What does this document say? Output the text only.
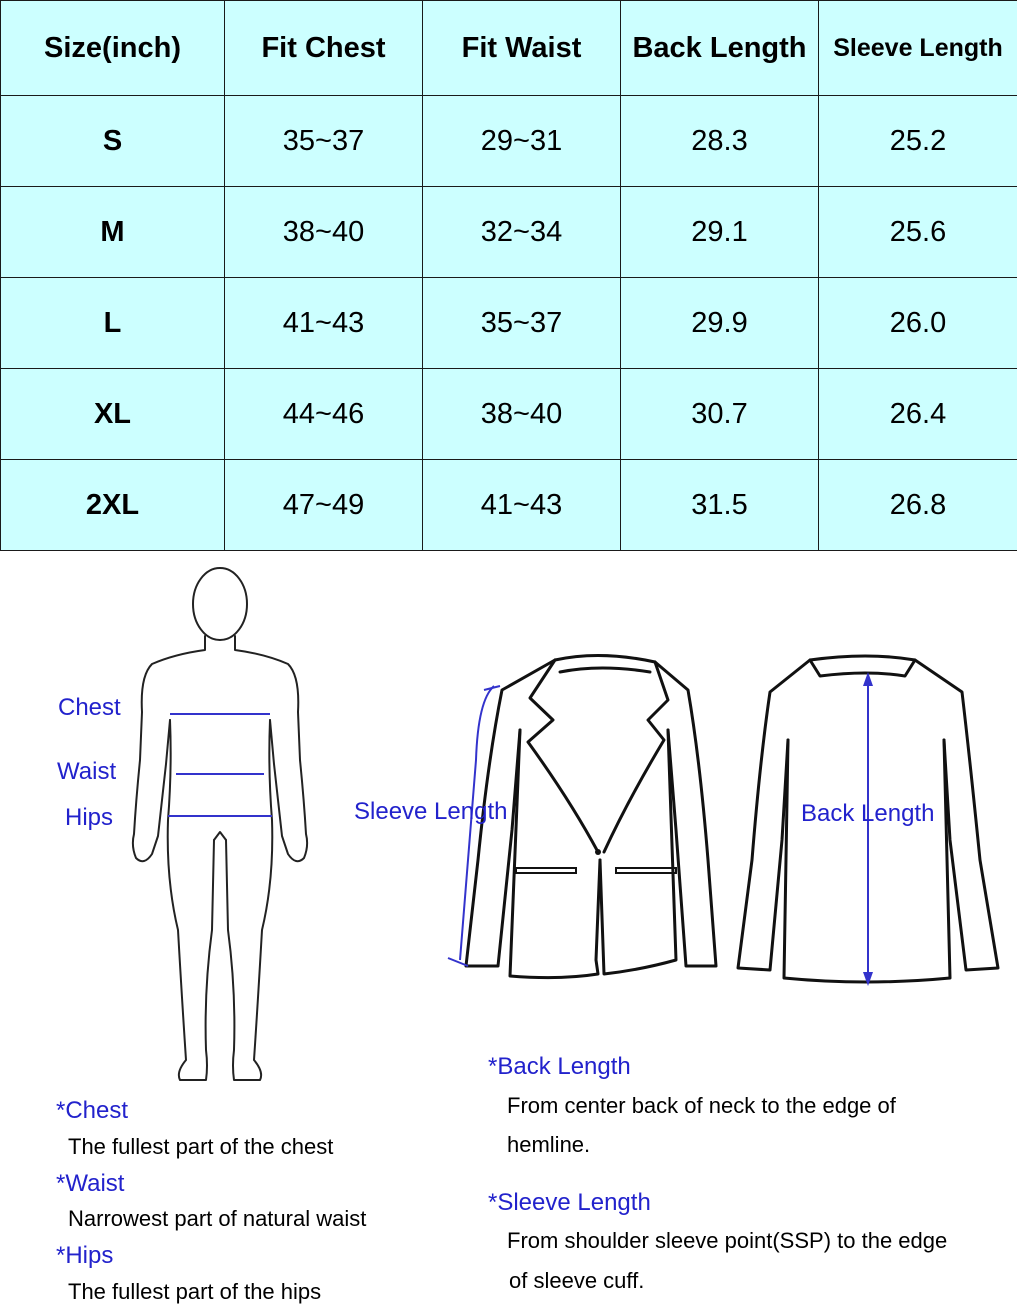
Size(inch)	Fit Chest	Fit Waist	Back Length	Sleeve Length
S	35~37	29~31	28.3	25.2
M	38~40	32~34	29.1	25.6
L	41~43	35~37	29.9	26.0
XL	44~46	38~40	30.7	26.4
2XL	47~49	41~43	31.5	26.8
Chest
Waist
Hips	Sleeve Length	Back Length
*Chest
The fullest part of the chest
*Waist
Narrowest part of natural waist
*Hips
The fullest part of the hips
*Back Length
From center back of neck to the edge of
hemline.
*Sleeve Length
From shoulder sleeve point(SSP) to the edge
of sleeve cuff.
